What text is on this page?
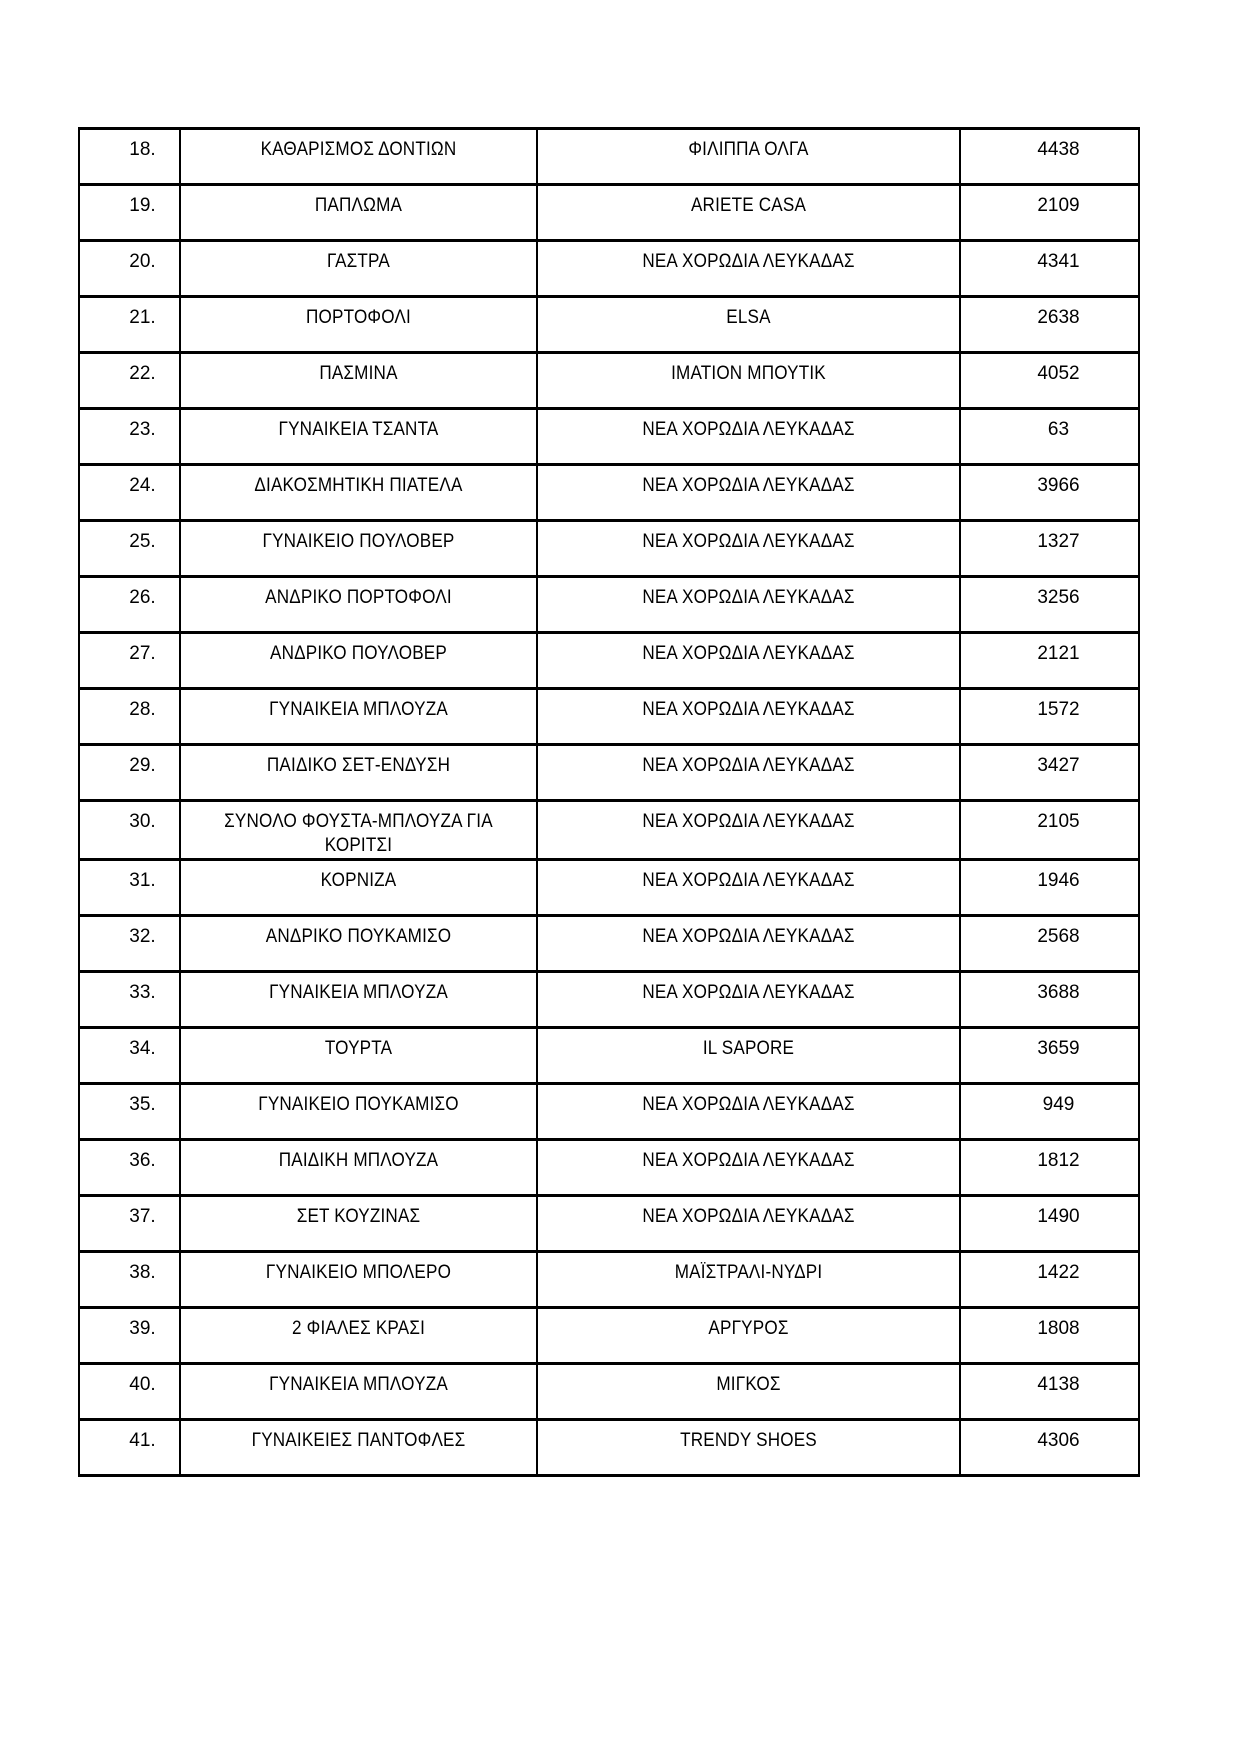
18.	ΚΑΘΑΡΙΣΜΟΣ ΔΟΝΤΙΩΝ	ΦΙΛΙΠΠΑ ΟΛΓΑ	4438
19.	ΠΑΠΛΩΜΑ	ARIETE CASA	2109
20.	ΓΑΣΤΡΑ	ΝΕΑ ΧΟΡΩΔΙΑ ΛΕΥΚΑΔΑΣ	4341
21.	ΠΟΡΤΟΦΟΛΙ	ELSA	2638
22.	ΠΑΣΜΙΝΑ	IMATION ΜΠΟΥΤΙΚ	4052
23.	ΓΥΝΑΙΚΕΙΑ ΤΣΑΝΤΑ	ΝΕΑ ΧΟΡΩΔΙΑ ΛΕΥΚΑΔΑΣ	63
24.	ΔΙΑΚΟΣΜΗΤΙΚΗ ΠΙΑΤΕΛΑ	ΝΕΑ ΧΟΡΩΔΙΑ ΛΕΥΚΑΔΑΣ	3966
25.	ΓΥΝΑΙΚΕΙΟ ΠΟΥΛΟΒΕΡ	ΝΕΑ ΧΟΡΩΔΙΑ ΛΕΥΚΑΔΑΣ	1327
26.	ΑΝΔΡΙΚΟ ΠΟΡΤΟΦΟΛΙ	ΝΕΑ ΧΟΡΩΔΙΑ ΛΕΥΚΑΔΑΣ	3256
27.	ΑΝΔΡΙΚΟ ΠΟΥΛΟΒΕΡ	ΝΕΑ ΧΟΡΩΔΙΑ ΛΕΥΚΑΔΑΣ	2121
28.	ΓΥΝΑΙΚΕΙΑ ΜΠΛΟΥΖΑ	ΝΕΑ ΧΟΡΩΔΙΑ ΛΕΥΚΑΔΑΣ	1572
29.	ΠΑΙΔΙΚΟ ΣΕΤ-ΕΝΔΥΣΗ	ΝΕΑ ΧΟΡΩΔΙΑ ΛΕΥΚΑΔΑΣ	3427
30.	ΣΥΝΟΛΟ ΦΟΥΣΤΑ-ΜΠΛΟΥΖΑ ΓΙΑ ΚΟΡΙΤΣΙ	ΝΕΑ ΧΟΡΩΔΙΑ ΛΕΥΚΑΔΑΣ	2105
31.	ΚΟΡΝΙΖΑ	ΝΕΑ ΧΟΡΩΔΙΑ ΛΕΥΚΑΔΑΣ	1946
32.	ΑΝΔΡΙΚΟ ΠΟΥΚΑΜΙΣΟ	ΝΕΑ ΧΟΡΩΔΙΑ ΛΕΥΚΑΔΑΣ	2568
33.	ΓΥΝΑΙΚΕΙΑ ΜΠΛΟΥΖΑ	ΝΕΑ ΧΟΡΩΔΙΑ ΛΕΥΚΑΔΑΣ	3688
34.	ΤΟΥΡΤΑ	IL SAPORE	3659
35.	ΓΥΝΑΙΚΕΙΟ ΠΟΥΚΑΜΙΣΟ	ΝΕΑ ΧΟΡΩΔΙΑ ΛΕΥΚΑΔΑΣ	949
36.	ΠΑΙΔΙΚΗ ΜΠΛΟΥΖΑ	ΝΕΑ ΧΟΡΩΔΙΑ ΛΕΥΚΑΔΑΣ	1812
37.	ΣΕΤ ΚΟΥΖΙΝΑΣ	ΝΕΑ ΧΟΡΩΔΙΑ ΛΕΥΚΑΔΑΣ	1490
38.	ΓΥΝΑΙΚΕΙΟ ΜΠΟΛΕΡΟ	ΜΑΪΣΤΡΑΛΙ-ΝΥΔΡΙ	1422
39.	2 ΦΙΑΛΕΣ ΚΡΑΣΙ	ΑΡΓΥΡΟΣ	1808
40.	ΓΥΝΑΙΚΕΙΑ ΜΠΛΟΥΖΑ	ΜΙΓΚΟΣ	4138
41.	ΓΥΝΑΙΚΕΙΕΣ ΠΑΝΤΟΦΛΕΣ	TRENDY SHOES	4306
